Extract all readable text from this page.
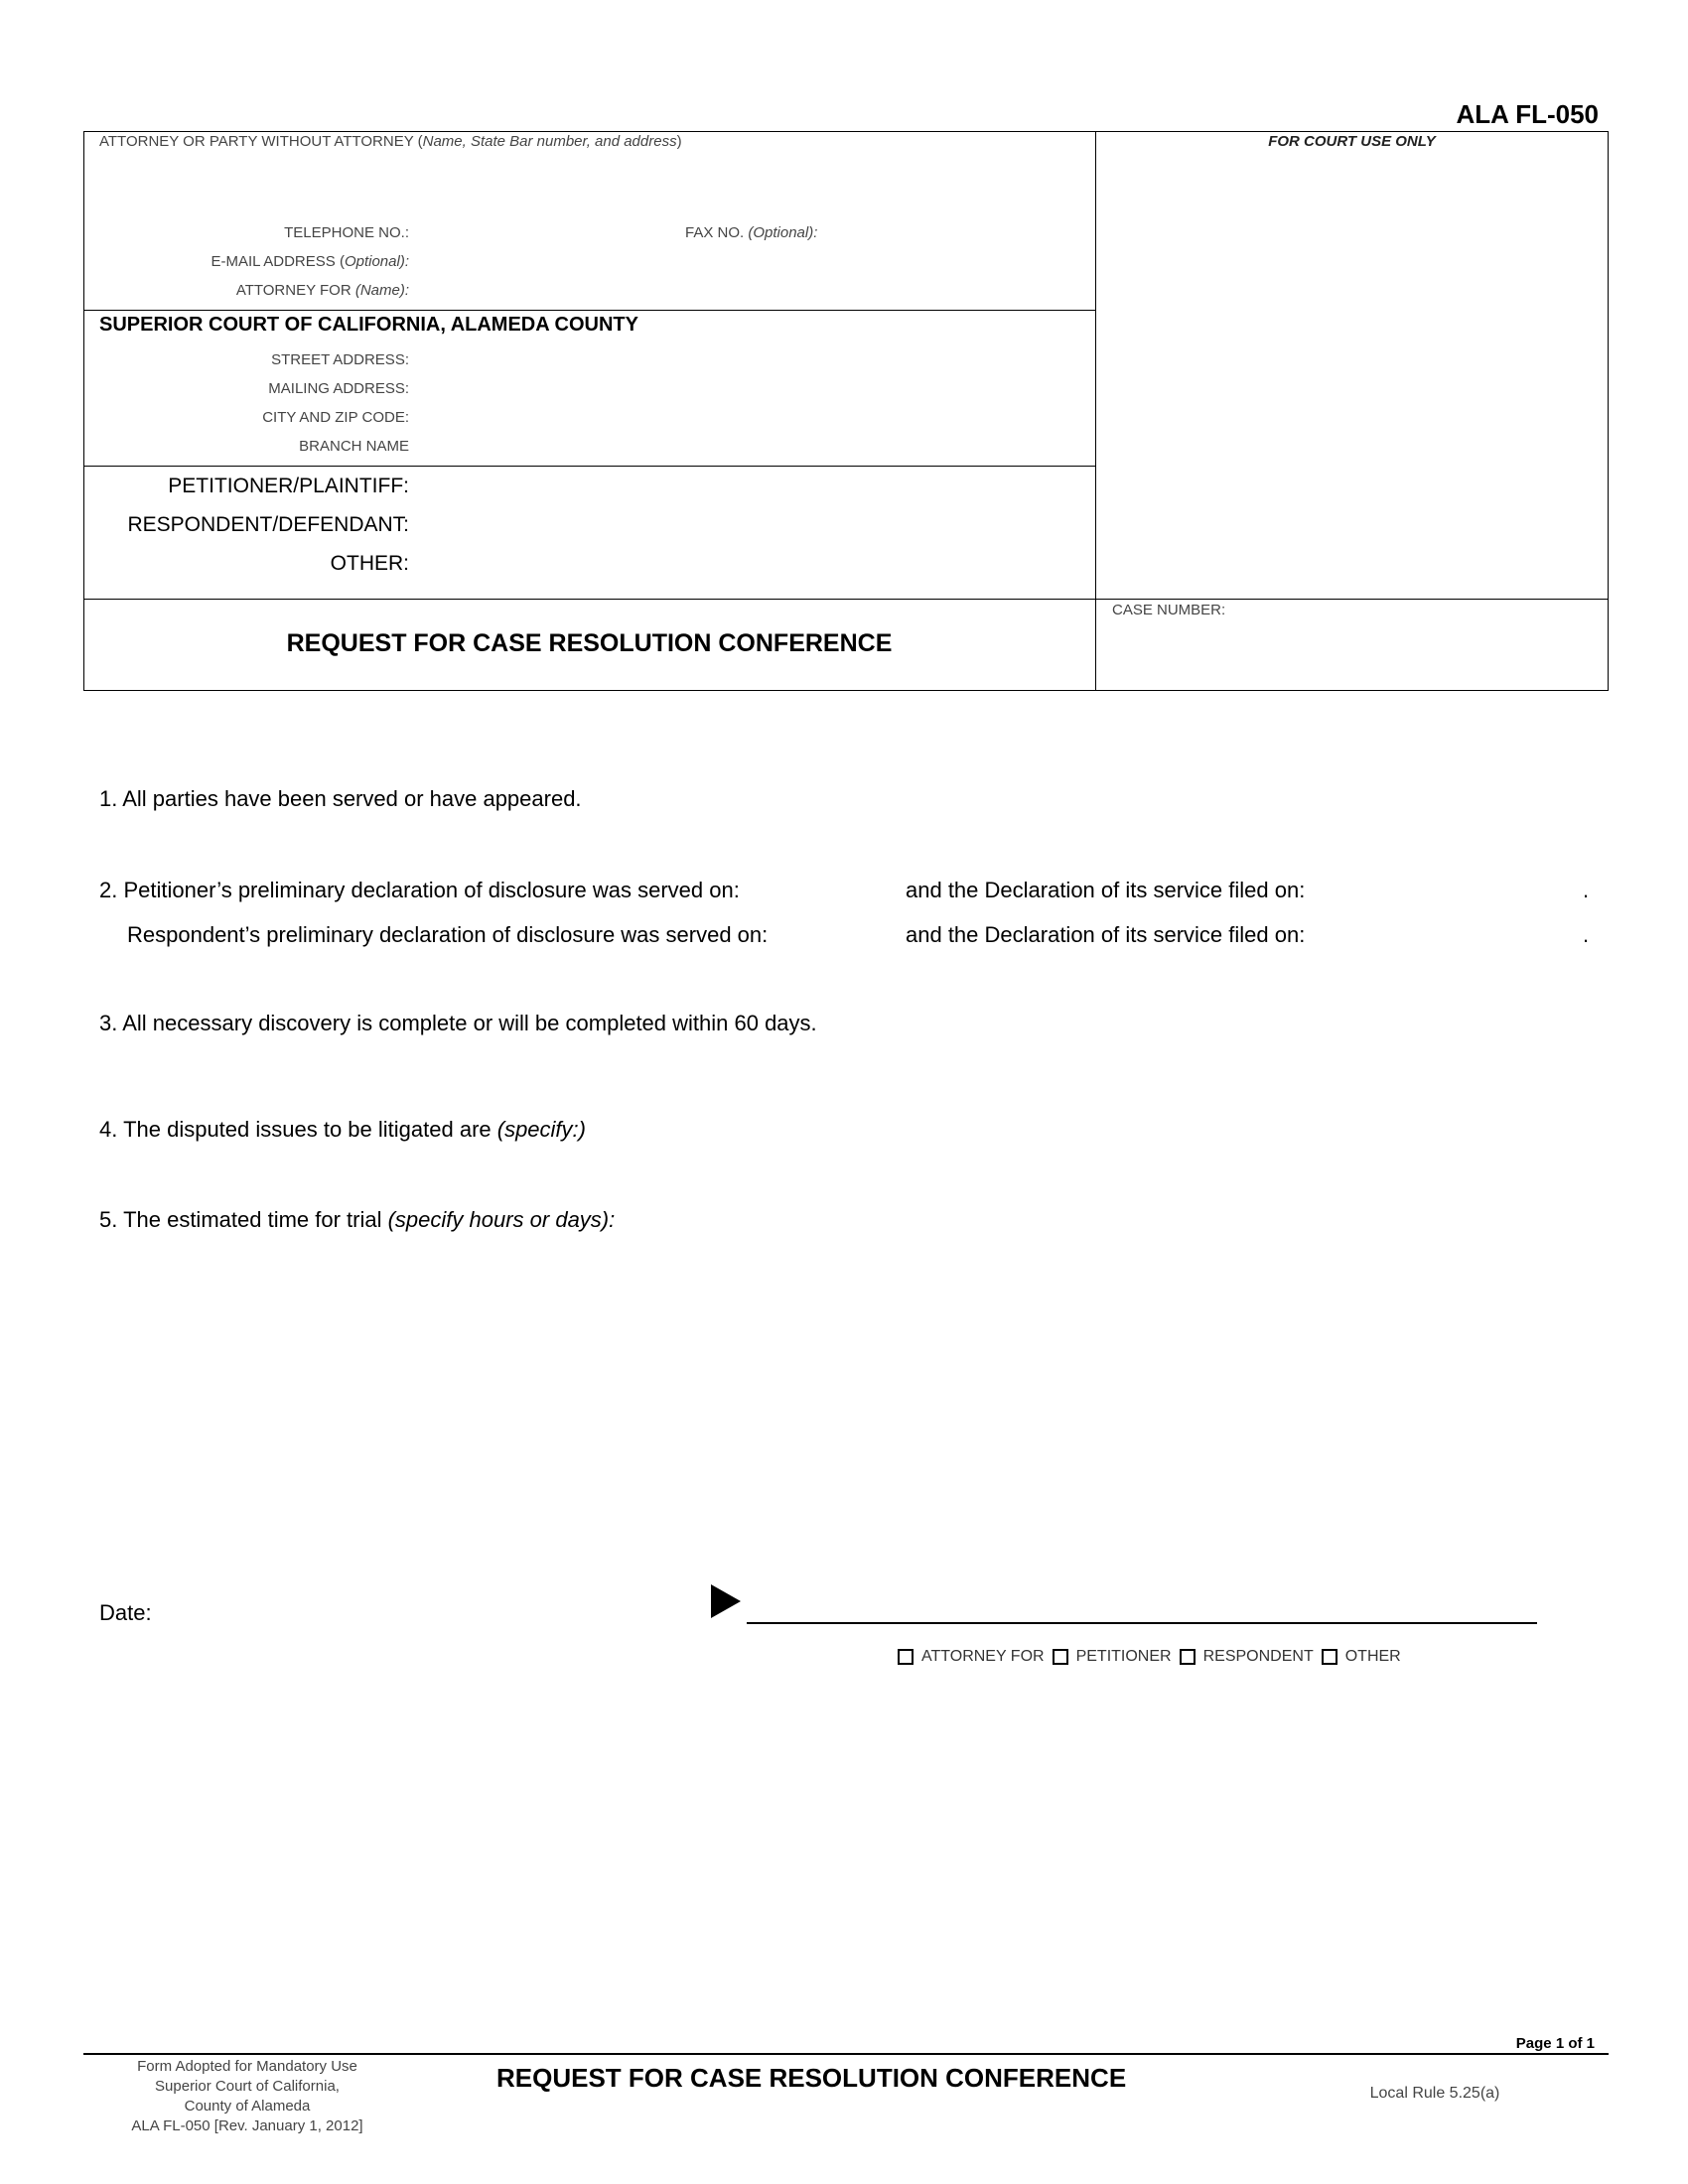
ALA FL-050
ATTORNEY OR PARTY WITHOUT ATTORNEY (Name, State Bar number, and address)	FOR COURT USE ONLY
TELEPHONE NO.:	FAX NO. (Optional):
E-MAIL ADDRESS (Optional):
ATTORNEY FOR (Name):
SUPERIOR COURT OF CALIFORNIA, ALAMEDA COUNTY
STREET ADDRESS:
MAILING ADDRESS:
CITY AND ZIP CODE:
BRANCH NAME
PETITIONER/PLAINTIFF:
RESPONDENT/DEFENDANT:
OTHER:
REQUEST FOR CASE RESOLUTION CONFERENCE
CASE NUMBER:
1. All parties have been served or have appeared.
2. Petitioner’s preliminary declaration of disclosure was served on:	and the Declaration of its service filed on:	.
Respondent’s preliminary declaration of disclosure was served on:	and the Declaration of its service filed on:	.
3. All necessary discovery is complete or will be completed within 60 days.
4. The disputed issues to be litigated are (specify:)
5. The estimated time for trial (specify hours or days):
Date:
ATTORNEY FOR PETITIONER RESPONDENT OTHER
Page 1 of 1
Form Adopted for Mandatory Use
Superior Court of California,
County of Alameda
ALA FL-050 [Rev. January 1, 2012]
REQUEST FOR CASE RESOLUTION CONFERENCE
Local Rule 5.25(a)
